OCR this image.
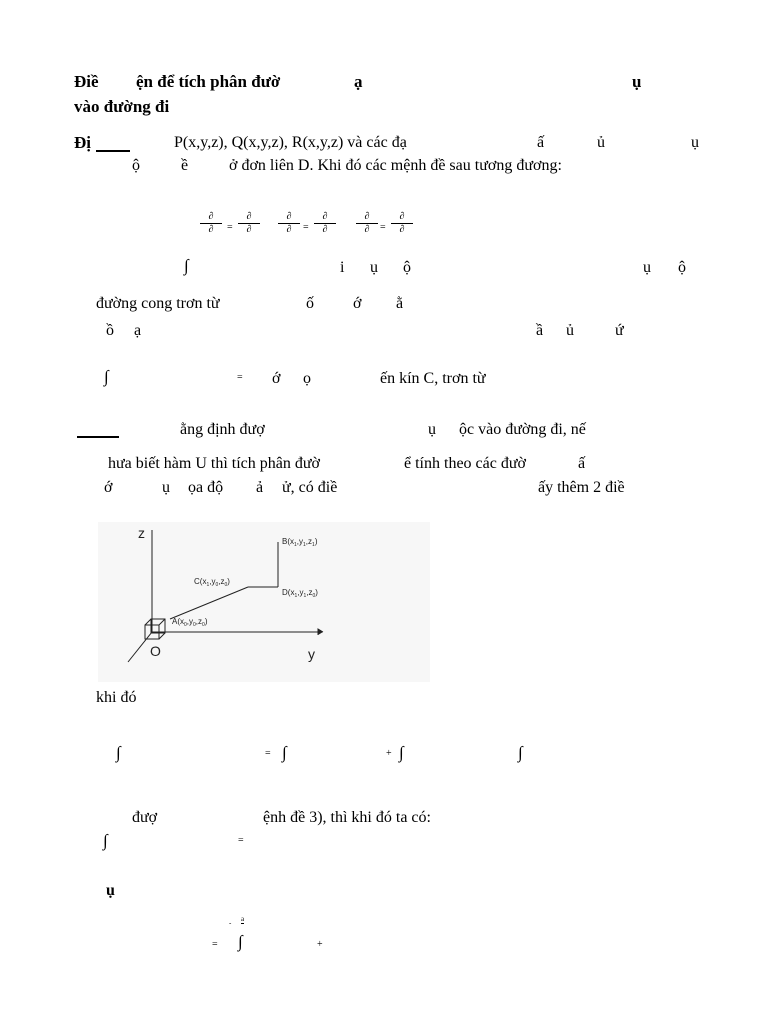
Điề ện để tích phân đườ	ạ	ụ
vào đường đi
Đị	P(x,y,z), Q(x,y,z), R(x,y,z) và các đạ	ấ	ủ	ụ
ộ	ề	ở đơn liên D. Khi đó các mệnh đề sau tương đương:
∂
∂	=
∂
∂
∂
∂	=
∂
∂
∂
∂	=
∂
∂
∫	i ụ ộ	ụ ộ
đường cong trơn từ	ố ớ ằ
ồ ạ	ầ ủ	ứ
∫	= ớ ọ	ến kín C, trơn từ
ằng định đượ	ụ ộc vào đường đi, nế
hưa biết hàm U thì tích phân đườ	ể tính theo các đườ	ấ
ớ	ụ ọa độ ả ử, có điề	ấy thêm 2 điề
z
y
O
$B(x_1,y_1,z_1)$
$C(x_1,y_0,z_0)$
$D(x_1,y_1,z_0)$
$A(x_0,y_0,z_0)$
khi đó
∫	= ∫	+ ∫	∫
đượ	ệnh đề 3), thì khi đó ta có:
∫	=
ụ
- a
= ∫	+
